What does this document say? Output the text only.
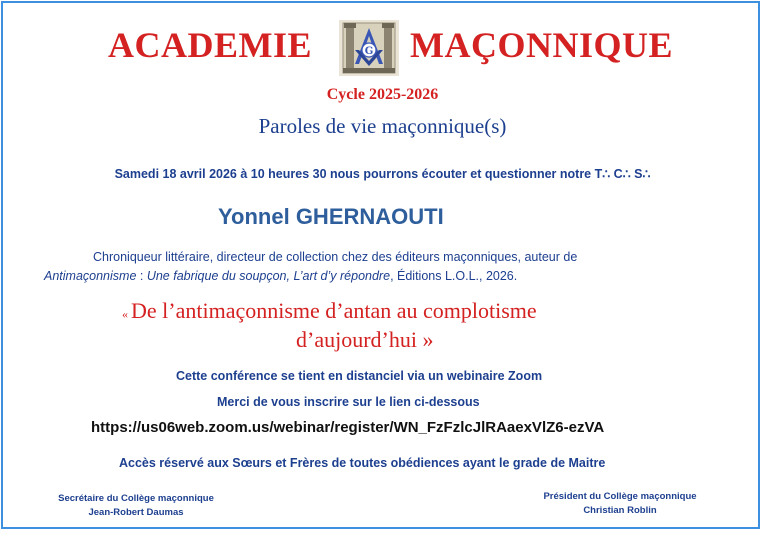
ACADEMIE	G MAÇONNIQUE

Cycle 2025-2026

Paroles de vie maçonnique(s)

Samedi 18 avril 2026 à 10 heures 30 nous pourrons écouter et questionner notre T∴ C∴ S∴

Yonnel GHERNAOUTI

Chroniqueur littéraire, directeur de collection chez des éditeurs maçonniques, auteur de

Antimaçonnisme : Une fabrique du soupçon, L’art d’y répondre, Éditions L.O.L., 2026.

« De l’antimaçonnisme d’antan au complotisme

d’aujourd’hui »

Cette conférence se tient en distanciel via un webinaire Zoom

Merci de vous inscrire sur le lien ci-dessous

https://us06web.zoom.us/webinar/register/WN_FzFzlcJlRAaexVlZ6-ezVA

Accès réservé aux Sœurs et Frères de toutes obédiences ayant le grade de Maitre

Secrétaire du Collège maçonnique
Jean-Robert Daumas
Président du Collège maçonnique
Christian Roblin
